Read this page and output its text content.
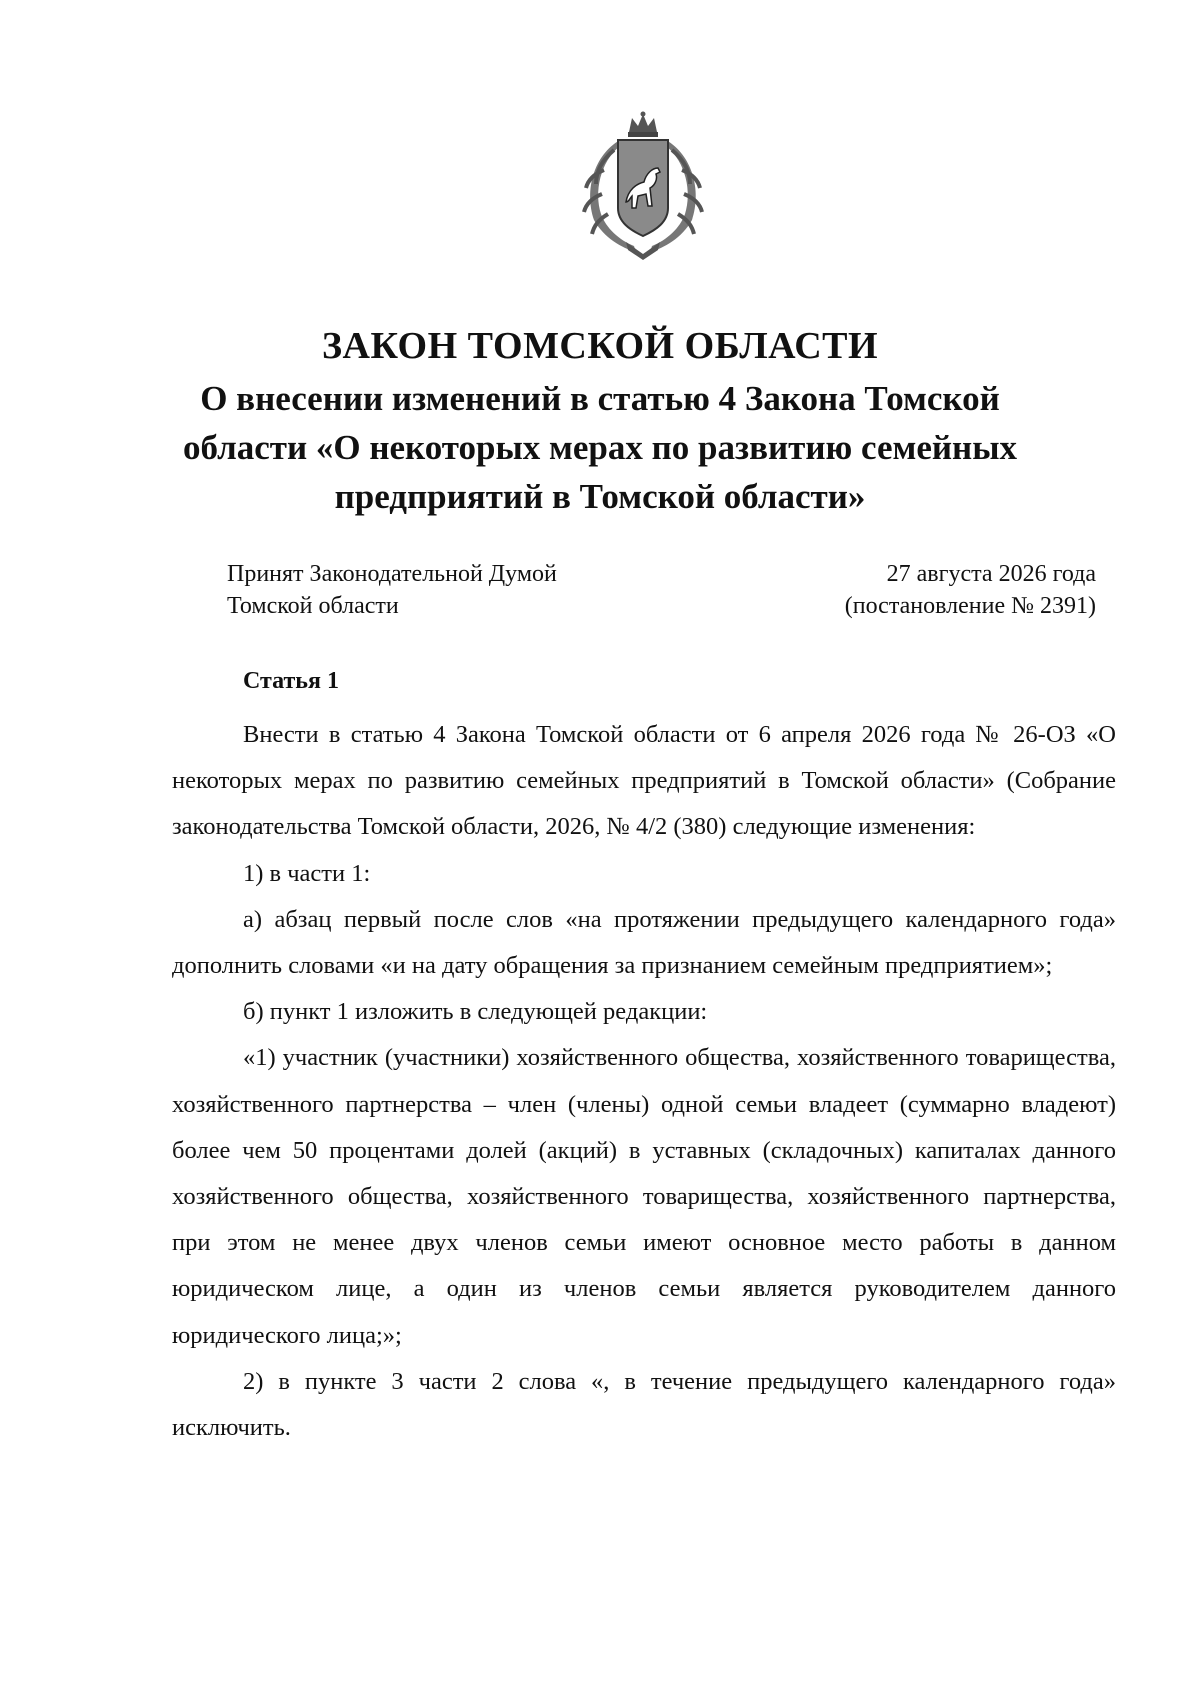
ЗАКОН ТОМСКОЙ ОБЛАСТИ
О внесении изменений в статью 4 Закона Томской области «О некоторых мерах по развитию семейных предприятий в Томской области»
Принят Законодательной Думой
Томской области
27 августа 2026 года
(постановление № 2391)
Статья 1

Внести в статью 4 Закона Томской области от 6 апреля 2026 года № 26-ОЗ «О некоторых мерах по развитию семейных предприятий в Томской области» (Собрание законодательства Томской области, 2026, № 4/2 (380) следующие изменения:

1) в части 1:

а) абзац первый после слов «на протяжении предыдущего календарного года» дополнить словами «и на дату обращения за признанием семейным предприятием»;

б) пункт 1 изложить в следующей редакции:

«1) участник (участники) хозяйственного общества, хозяйственного товарищества, хозяйственного партнерства – член (члены) одной семьи владеет (суммарно владеют) более чем 50 процентами долей (акций) в уставных (складочных) капиталах данного хозяйственного общества, хозяйственного товарищества, хозяйственного партнерства, при этом не менее двух членов семьи имеют основное место работы в данном юридическом лице, а один из членов семьи является руководителем данного юридического лица;»;

2) в пункте 3 части 2 слова «, в течение предыдущего календарного года» исключить.
